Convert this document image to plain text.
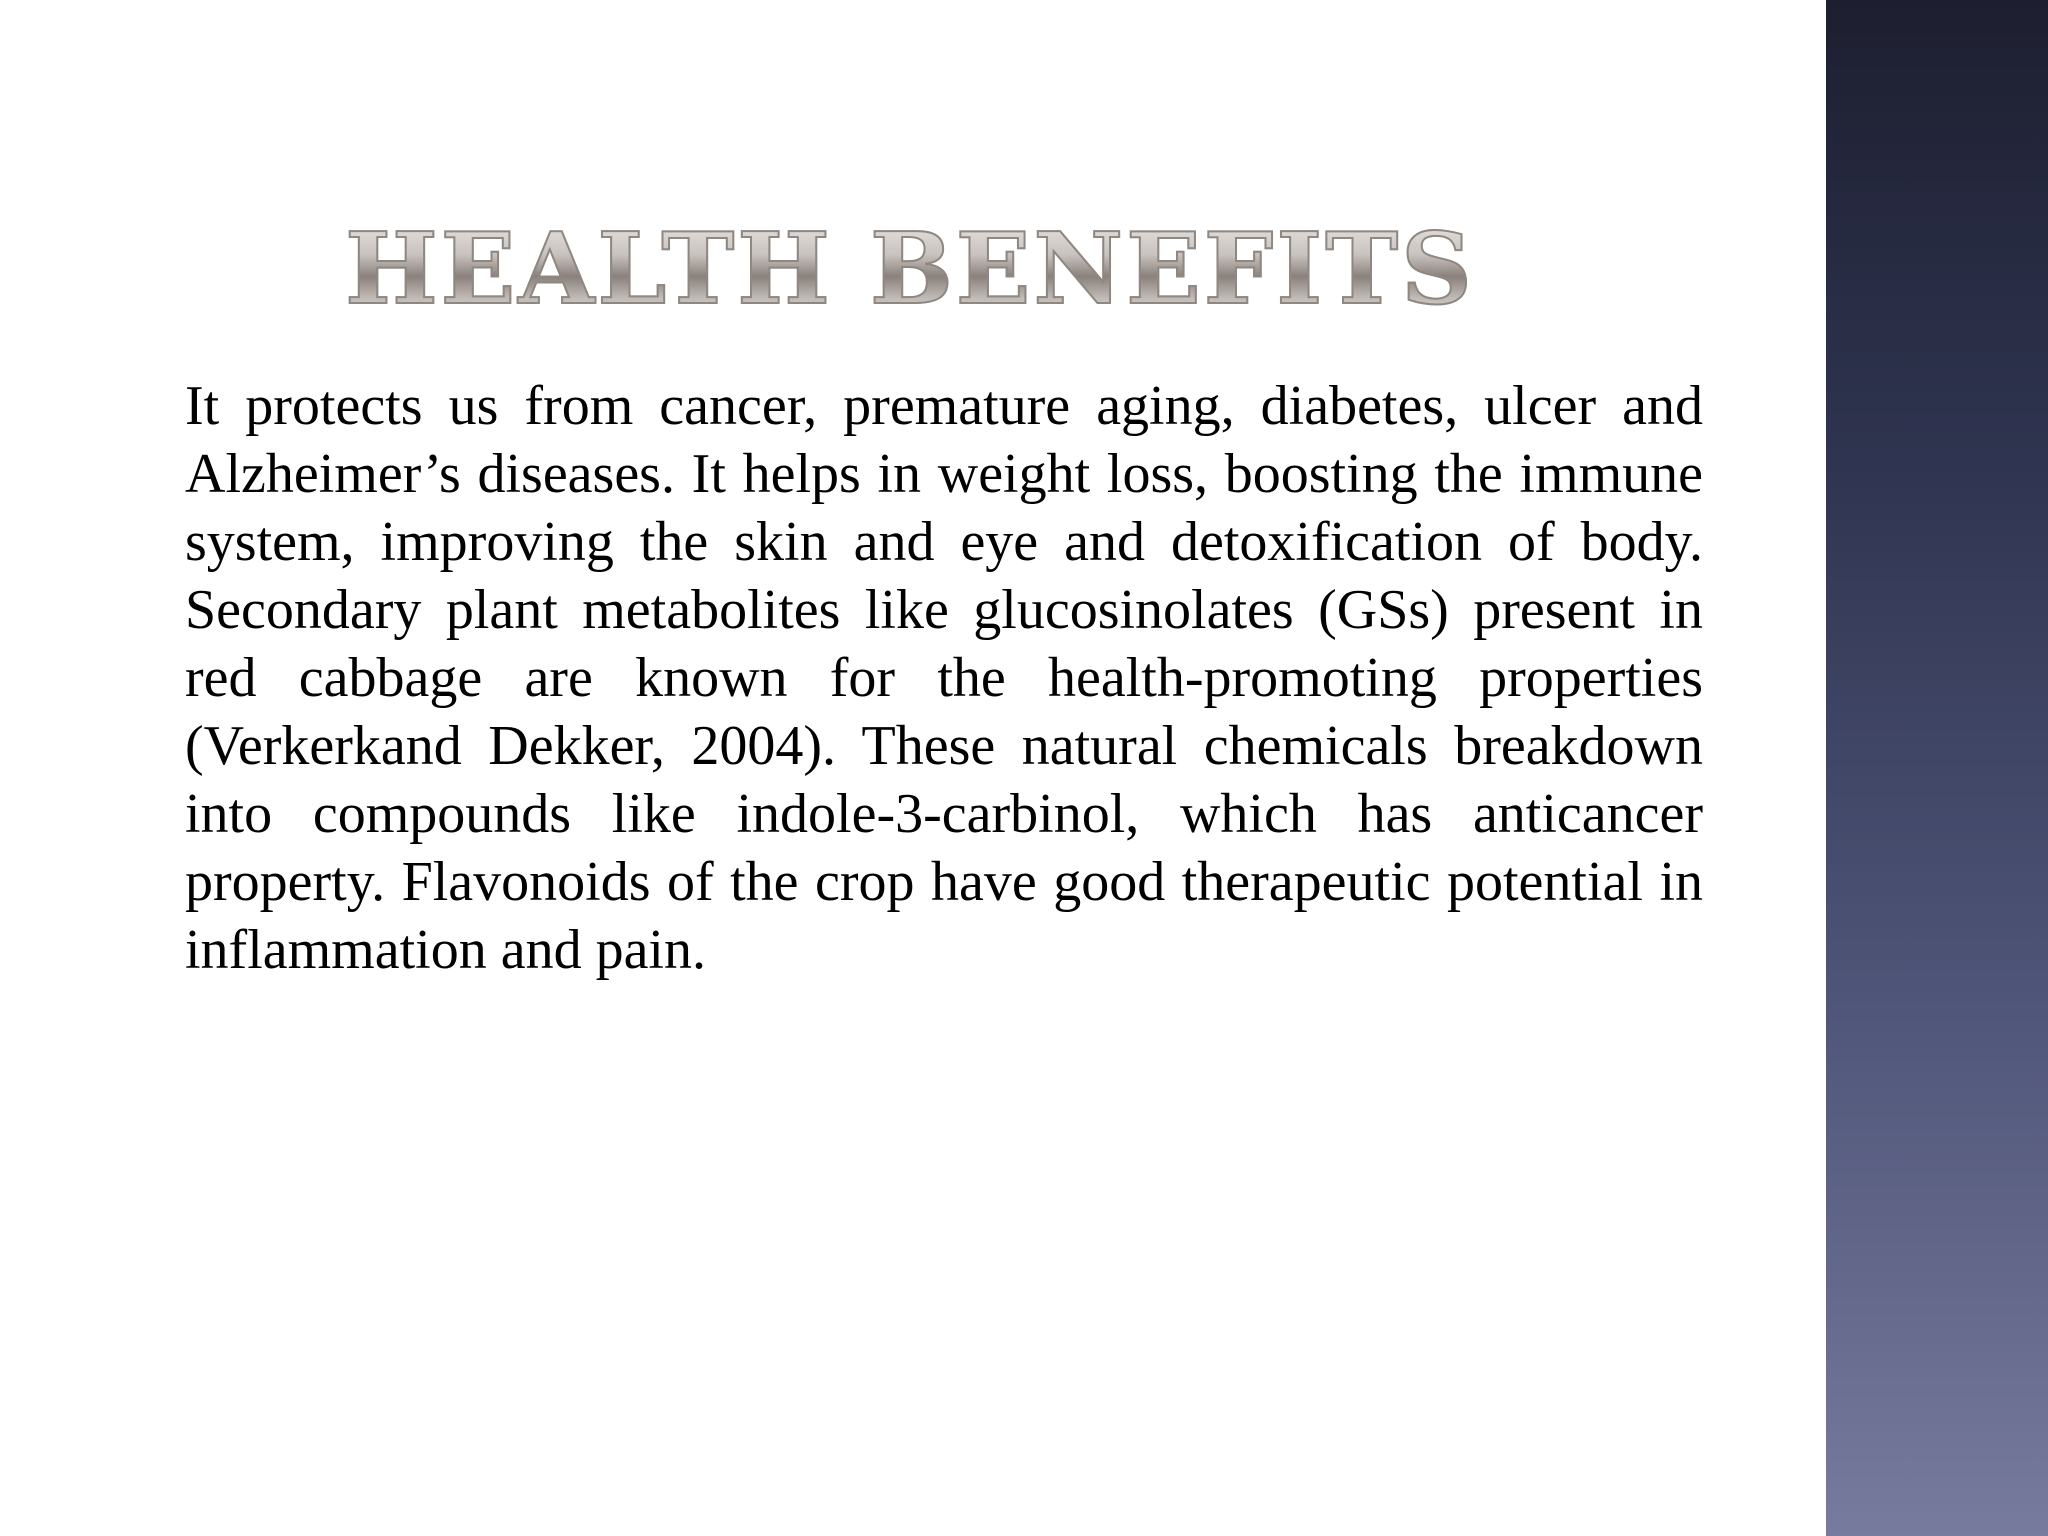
HEALTH BENEFITS

It protects us from cancer, premature aging, diabetes, ulcer and Alzheimer’s diseases. It helps in weight loss, boosting the immune system, improving the skin and eye and detoxification of body. Secondary plant metabolites like glucosinolates (GSs) present in red cabbage are known for the health-promoting properties (Verkerkand Dekker, 2004). These natural chemicals breakdown into compounds like indole-3-carbinol, which has anticancer property. Flavonoids of the crop have good therapeutic potential in inflammation and pain.
